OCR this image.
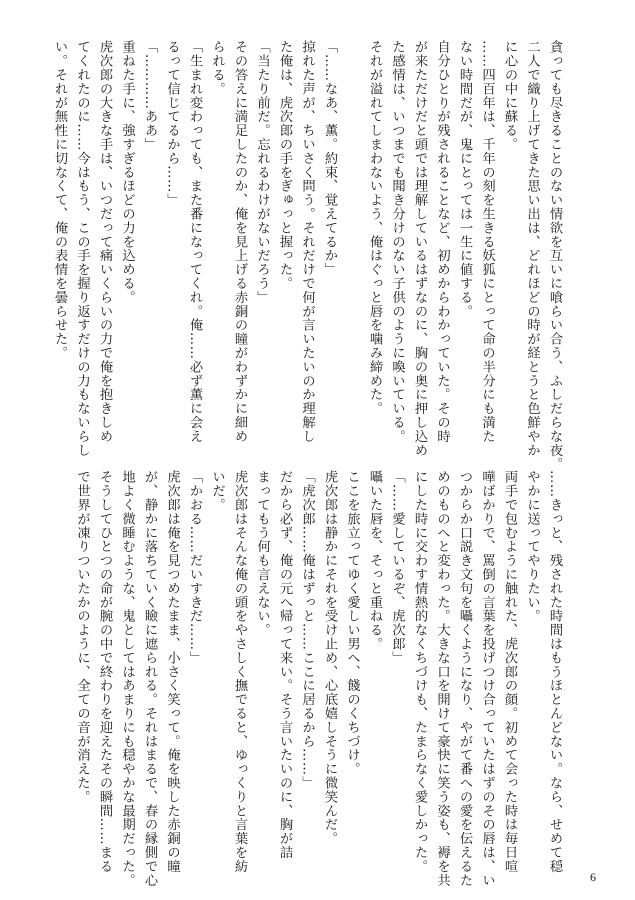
貪っても尽きることのない情欲を互いに喰らい合う、ふしだらな夜。
二人で織り上げてきた思い出は、どれほどの時が経とうと色鮮やか
に心の中に蘇る。
……四百年は、千年の刻を生きる妖狐にとって命の半分にも満た
ない時間だが、鬼にとっては一生に値する。
自分ひとりが残されることなど、初めからわかっていた。その時
が来ただけだと頭では理解しているはずなのに、胸の奥に押し込め
た感情は、いつまでも聞き分けのない子供のように喚いている。
それが溢れてしまわないよう、俺はぐっと唇を噛み締めた。
「……なあ、薫。約束、覚えてるか」
掠れた声が、ちいさく問う。それだけで何が言いたいのか理解し
た俺は、虎次郎の手をぎゅっと握った。
「当たり前だ。忘れるわけがないだろう」
その答えに満足したのか、俺を見上げる赤銅の瞳がわずかに細め
られる。
「生まれ変わっても、また番になってくれ。俺……必ず薫に会え
るって信じてるから……」
「…………ああ」
重ねた手に、強すぎるほどの力を込める。
虎次郎の大きな手は、いつだって痛いくらいの力で俺を抱きしめ
てくれたのに……今はもう、この手を握り返すだけの力もないらし
い。それが無性に切なくて、俺の表情を曇らせた。
……きっと、残された時間はもうほとんどない。なら、せめて穏
やかに送ってやりたい。
両手で包むように触れた、虎次郎の顔。初めて会った時は毎日喧
嘩ばかりで、罵倒の言葉を投げつけ合っていたはずのその唇は、い
つからか口説き文句を囁くようになり、やがて番への愛を伝えるた
めのものへと変わった。大きな口を開けて豪快に笑う姿も、褥を共
にした時に交わす情熱的なくちづけも、たまらなく愛しかった。
「……愛しているぞ、虎次郎」
囁いた唇を、そっと重ねる。
ここを旅立ってゆく愛しい男へ、餞のくちづけ。
虎次郎は静かにそれを受け止め、心底嬉しそうに微笑んだ。
「虎次郎……俺はずっと……ここに居るから……」
だから必ず、俺の元へ帰って来い。そう言いたいのに、胸が詰
まってもう何も言えない。
虎次郎はそんな俺の頭をやさしく撫でると、ゆっくりと言葉を紡
いだ。
「かおる……だいすきだ……」
虎次郎は俺を見つめたまま、小さく笑って。俺を映した赤銅の瞳
が、静かに落ちていく瞼に遮られる。それはまるで、春の縁側で心
地よく微睡むような、鬼としてはあまりにも穏やかな最期だった。
そうしてひとつの命が腕の中で終わりを迎えたその瞬間……まる
で世界が凍りついたかのように、全ての音が消えた。
6
